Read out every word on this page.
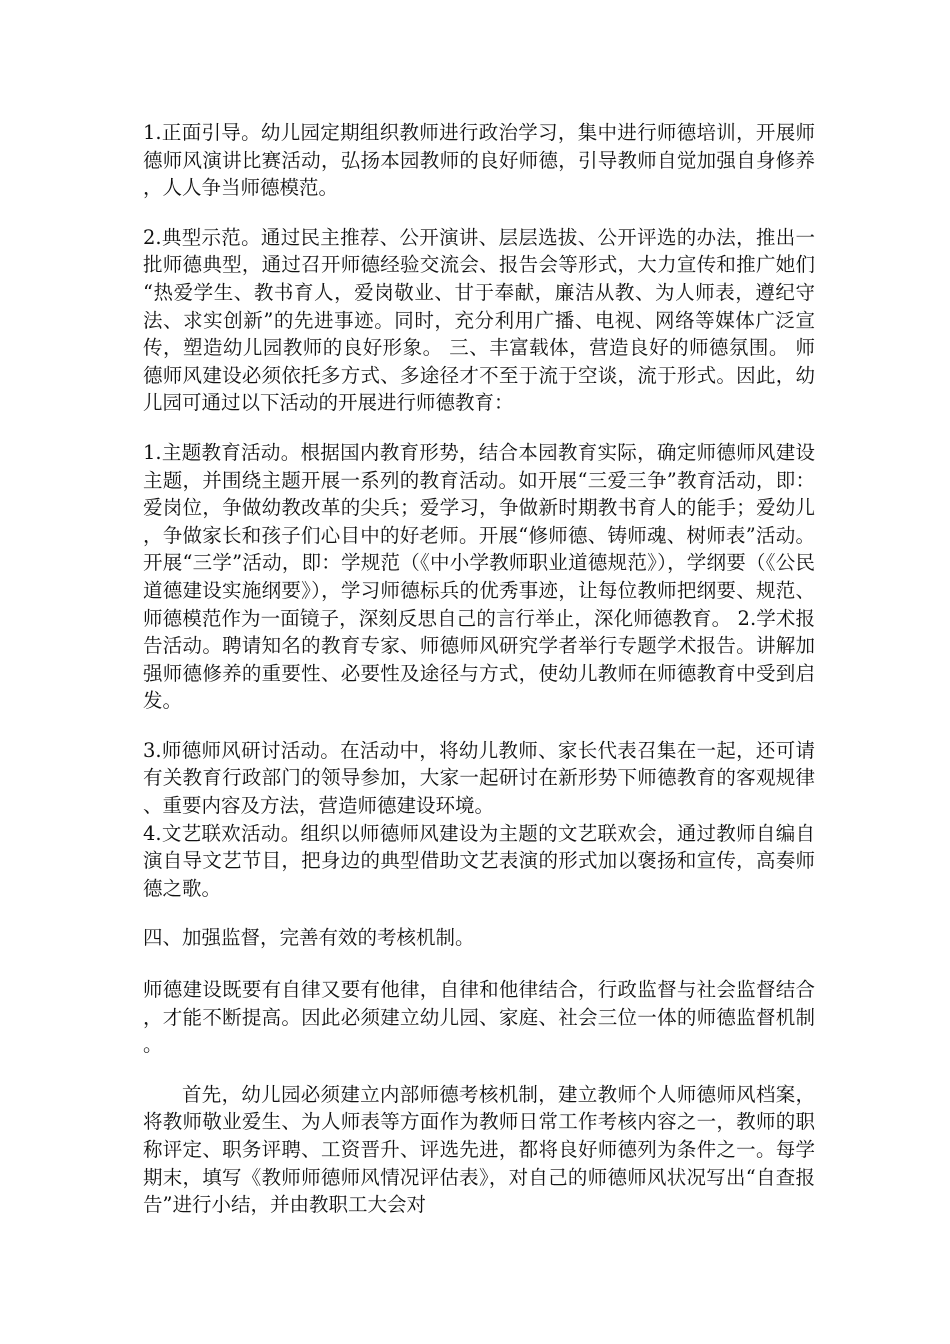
1.正面引导。幼儿园定期组织教师进行政治学习，集中进行师德培训，开展师德师风演讲比赛活动，弘扬本园教师的良好师德，引导教师自觉加强自身修养，人人争当师德模范。

2.典型示范。通过民主推荐、公开演讲、层层选拔、公开评选的办法，推出一批师德典型，通过召开师德经验交流会、报告会等形式，大力宣传和推广她们“热爱学生、教书育人，爱岗敬业、甘于奉献，廉洁从教、为人师表，遵纪守法、求实创新”的先进事迹。同时，充分利用广播、电视、网络等媒体广泛宣传，塑造幼儿园教师的良好形象。 三、丰富载体，营造良好的师德氛围。 师德师风建设必须依托多方式、多途径才不至于流于空谈，流于形式。因此，幼儿园可通过以下活动的开展进行师德教育：

1.主题教育活动。根据国内教育形势，结合本园教育实际，确定师德师风建设主题，并围绕主题开展一系列的教育活动。如开展“三爱三争”教育活动，即：爱岗位，争做幼教改革的尖兵；爱学习，争做新时期教书育人的能手；爱幼儿，争做家长和孩子们心目中的好老师。开展“修师德、铸师魂、树师表”活动。开展“三学”活动，即：学规范（《中小学教师职业道德规范》），学纲要（《公民道德建设实施纲要》），学习师德标兵的优秀事迹，让每位教师把纲要、规范、师德模范作为一面镜子，深刻反思自己的言行举止，深化师德教育。 2.学术报告活动。聘请知名的教育专家、师德师风研究学者举行专题学术报告。讲解加强师德修养的重要性、必要性及途径与方式，使幼儿教师在师德教育中受到启发。

3.师德师风研讨活动。在活动中，将幼儿教师、家长代表召集在一起，还可请有关教育行政部门的领导参加，大家一起研讨在新形势下师德教育的客观规律、重要内容及方法，营造师德建设环境。

4.文艺联欢活动。组织以师德师风建设为主题的文艺联欢会，通过教师自编自演自导文艺节目，把身边的典型借助文艺表演的形式加以褒扬和宣传，高奏师德之歌。

四、加强监督，完善有效的考核机制。

师德建设既要有自律又要有他律，自律和他律结合，行政监督与社会监督结合，才能不断提高。因此必须建立幼儿园、家庭、社会三位一体的师德监督机制。

首先，幼儿园必须建立内部师德考核机制，建立教师个人师德师风档案，将教师敬业爱生、为人师表等方面作为教师日常工作考核内容之一，教师的职称评定、职务评聘、工资晋升、评选先进，都将良好师德列为条件之一。每学期末，填写《教师师德师风情况评估表》，对自己的师德师风状况写出“自查报告”进行小结，并由教职工大会对
